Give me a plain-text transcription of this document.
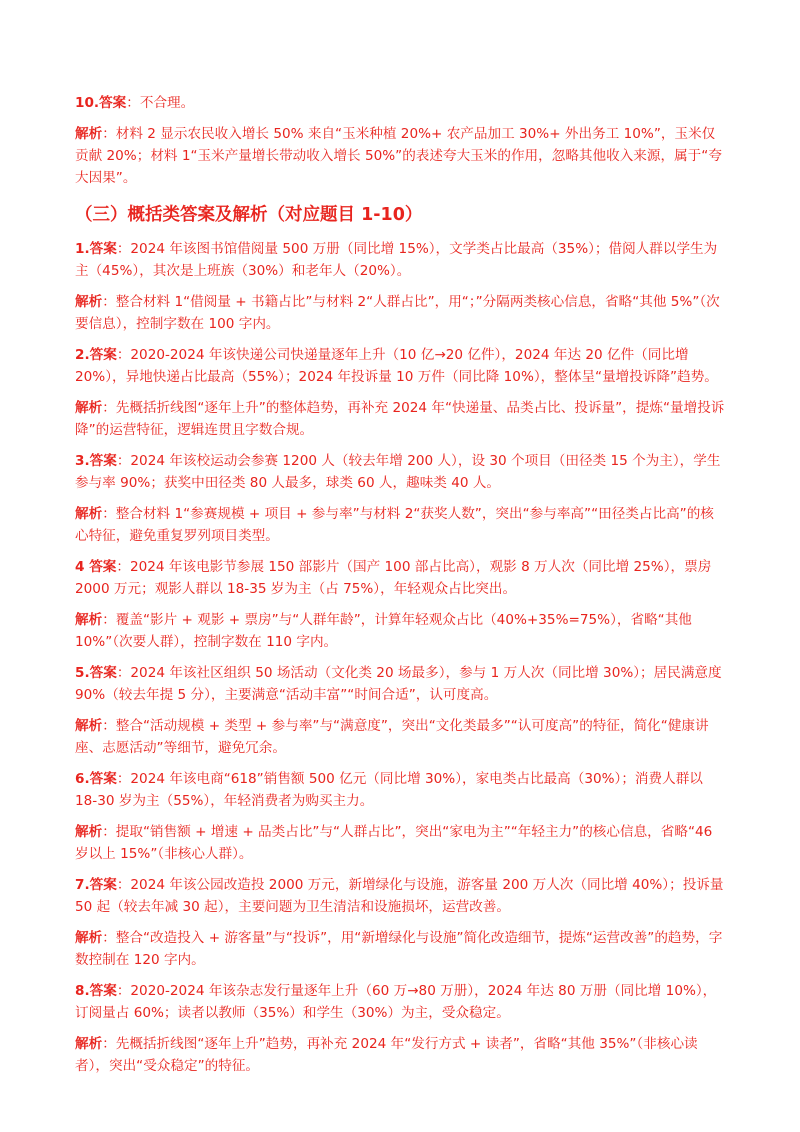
10.答案：不合理。

解析：材料 2 显示农民收入增长 50% 来自“玉米种植 20%+ 农产品加工 30%+ 外出务工 10%”，玉米仅贡献 20%；材料 1“玉米产量增长带动收入增长 50%”的表述夸大玉米的作用，忽略其他收入来源，属于“夸大因果”。

（三）概括类答案及解析（对应题目 1-10）

1.答案：2024 年该图书馆借阅量 500 万册（同比增 15%），文学类占比最高（35%）；借阅人群以学生为主（45%），其次是上班族（30%）和老年人（20%）。

解析：整合材料 1“借阅量 + 书籍占比”与材料 2“人群占比”，用“；”分隔两类核心信息，省略“其他 5%”（次要信息），控制字数在 100 字内。

2.答案：2020-2024 年该快递公司快递量逐年上升（10 亿→20 亿件），2024 年达 20 亿件（同比增 20%），异地快递占比最高（55%）；2024 年投诉量 10 万件（同比降 10%），整体呈“量增投诉降”趋势。

解析：先概括折线图“逐年上升”的整体趋势，再补充 2024 年“快递量、品类占比、投诉量”，提炼“量增投诉降”的运营特征，逻辑连贯且字数合规。

3.答案：2024 年该校运动会参赛 1200 人（较去年增 200 人），设 30 个项目（田径类 15 个为主），学生参与率 90%；获奖中田径类 80 人最多，球类 60 人，趣味类 40 人。

解析：整合材料 1“参赛规模 + 项目 + 参与率”与材料 2“获奖人数”，突出“参与率高”“田径类占比高”的核心特征，避免重复罗列项目类型。

4 答案：2024 年该电影节参展 150 部影片（国产 100 部占比高），观影 8 万人次（同比增 25%），票房 2000 万元；观影人群以 18-35 岁为主（占 75%），年轻观众占比突出。

解析：覆盖“影片 + 观影 + 票房”与“人群年龄”，计算年轻观众占比（40%+35%=75%），省略“其他 10%”（次要人群），控制字数在 110 字内。

5.答案：2024 年该社区组织 50 场活动（文化类 20 场最多），参与 1 万人次（同比增 30%）；居民满意度 90%（较去年提 5 分），主要满意“活动丰富”“时间合适”，认可度高。

解析：整合“活动规模 + 类型 + 参与率”与“满意度”，突出“文化类最多”“认可度高”的特征，简化“健康讲座、志愿活动”等细节，避免冗余。

6.答案：2024 年该电商“618”销售额 500 亿元（同比增 30%），家电类占比最高（30%）；消费人群以 18-30 岁为主（55%），年轻消费者为购买主力。

解析：提取“销售额 + 增速 + 品类占比”与“人群占比”，突出“家电为主”“年轻主力”的核心信息，省略“46 岁以上 15%”（非核心人群）。

7.答案：2024 年该公园改造投 2000 万元，新增绿化与设施，游客量 200 万人次（同比增 40%）；投诉量 50 起（较去年减 30 起），主要问题为卫生清洁和设施损坏，运营改善。

解析：整合“改造投入 + 游客量”与“投诉”，用“新增绿化与设施”简化改造细节，提炼“运营改善”的趋势，字数控制在 120 字内。

8.答案：2020-2024 年该杂志发行量逐年上升（60 万→80 万册），2024 年达 80 万册（同比增 10%），订阅量占 60%；读者以教师（35%）和学生（30%）为主，受众稳定。

解析：先概括折线图“逐年上升”趋势，再补充 2024 年“发行方式 + 读者”，省略“其他 35%”（非核心读者），突出“受众稳定”的特征。
